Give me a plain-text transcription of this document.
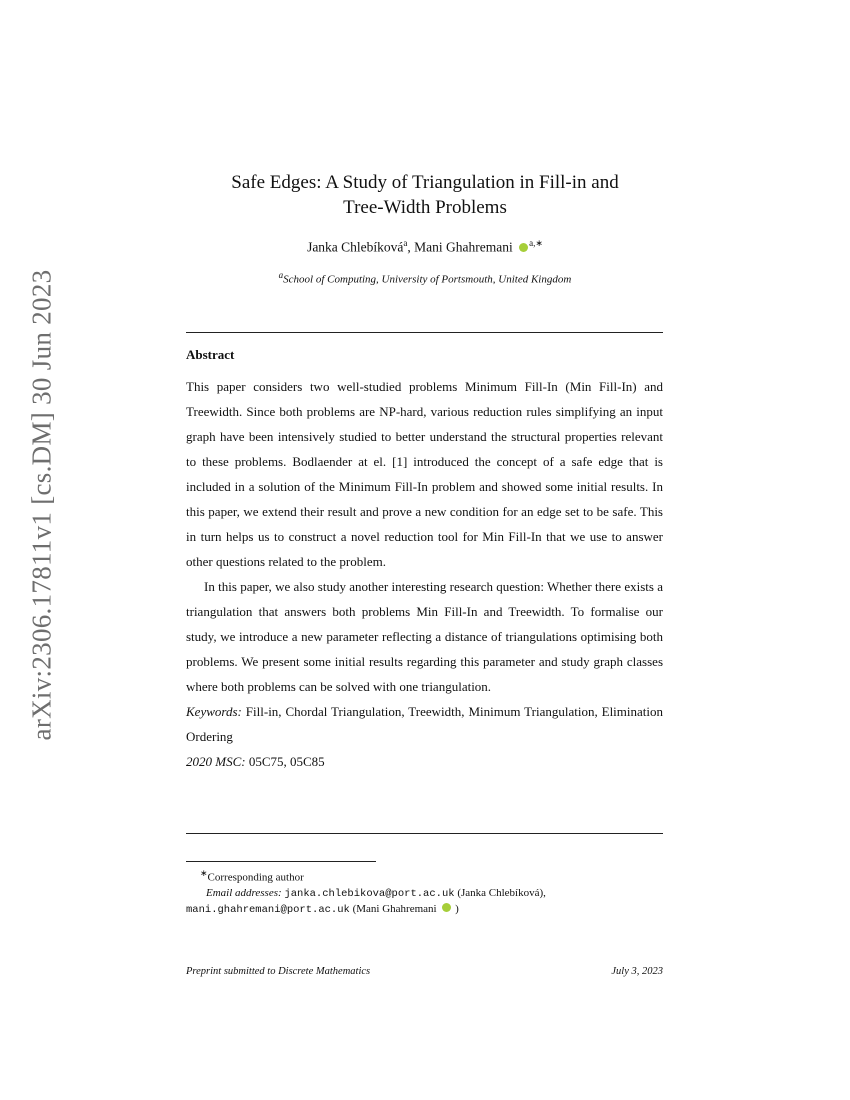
arXiv:2306.17811v1 [cs.DM] 30 Jun 2023
Safe Edges: A Study of Triangulation in Fill-in and
Tree-Width Problems
Janka Chlebíková$^a$, Mani Ghahremani $^{a,∗}$
$^a$School of Computing, University of Portsmouth, United Kingdom
Abstract

This paper considers two well-studied problems Minimum Fill-In (Min Fill-In) and Treewidth. Since both problems are NP-hard, various reduction rules simplifying an input graph have been intensively studied to better understand the structural properties relevant to these problems. Bodlaender at el. [1] introduced the concept of a safe edge that is included in a solution of the Minimum Fill-In problem and showed some initial results. In this paper, we extend their result and prove a new condition for an edge set to be safe. This in turn helps us to construct a novel reduction tool for Min Fill-In that we use to answer other questions related to the problem.

In this paper, we also study another interesting research question: Whether there exists a triangulation that answers both problems Min Fill-In and Treewidth. To formalise our study, we introduce a new parameter reflecting a distance of triangulations optimising both problems. We present some initial results regarding this parameter and study graph classes where both problems can be solved with one triangulation.

Keywords: Fill-in, Chordal Triangulation, Treewidth, Minimum Triangulation, Elimination Ordering

2020 MSC: 05C75, 05C85

∗Corresponding author
Email addresses: janka.chlebikova@port.ac.uk (Janka Chlebíková),
mani.ghahremani@port.ac.uk (Mani Ghahremani )
Preprint submitted to Discrete Mathematics	July 3, 2023
